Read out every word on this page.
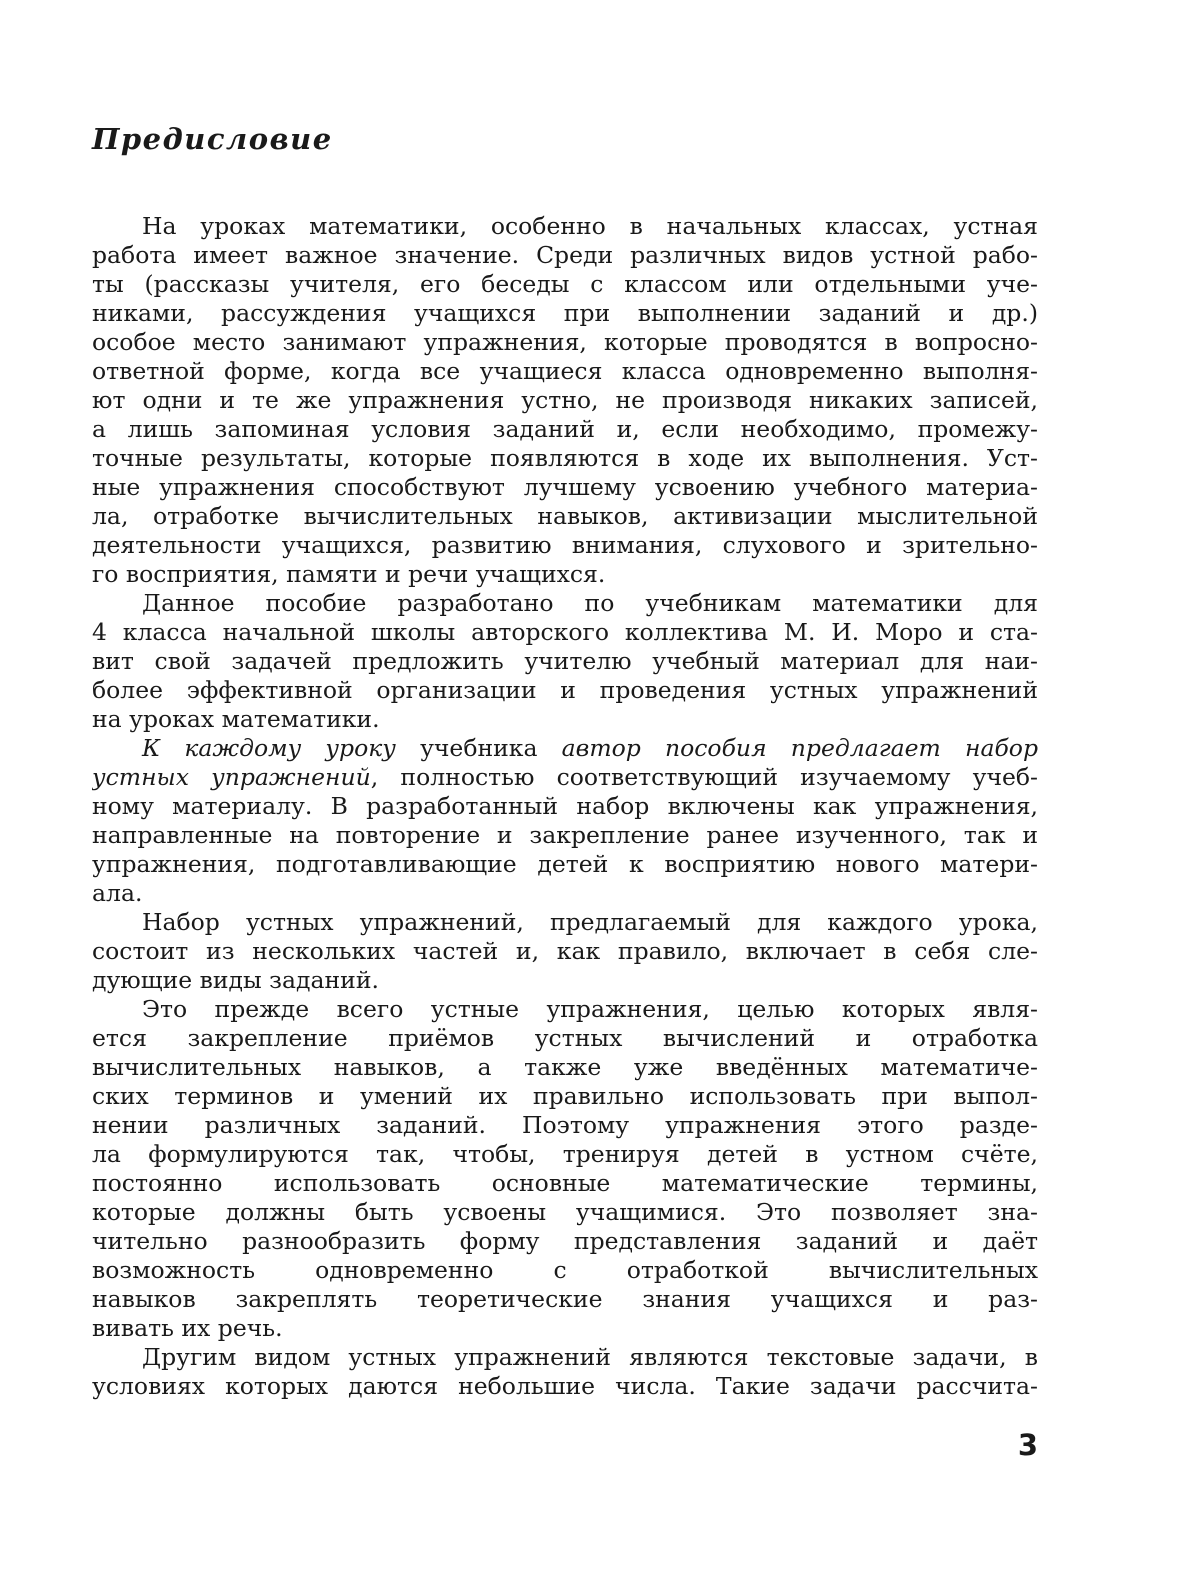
Предисловие
На уроках математики, особенно в начальных классах, устная
работа имеет важное значение. Среди различных видов устной рабо-
ты (рассказы учителя, его беседы с классом или отдельными уче-
никами, рассуждения учащихся при выполнении заданий и др.)
особое место занимают упражнения, которые проводятся в вопросно-
ответной форме, когда все учащиеся класса одновременно выполня-
ют одни и те же упражнения устно, не производя никаких записей,
а лишь запоминая условия заданий и, если необходимо, промежу-
точные результаты, которые появляются в ходе их выполнения. Уст-
ные упражнения способствуют лучшему усвоению учебного материа-
ла, отработке вычислительных навыков, активизации мыслительной
деятельности учащихся, развитию внимания, слухового и зрительно-
го восприятия, памяти и речи учащихся.
Данное пособие разработано по учебникам математики для
4 класса начальной школы авторского коллектива М. И. Моро и ста-
вит свой задачей предложить учителю учебный материал для наи-
более эффективной организации и проведения устных упражнений
на уроках математики.
К каждому уроку учебника автор пособия предлагает набор
устных упражнений, полностью соответствующий изучаемому учеб-
ному материалу. В разработанный набор включены как упражнения,
направленные на повторение и закрепление ранее изученного, так и
упражнения, подготавливающие детей к восприятию нового матери-
ала.
Набор устных упражнений, предлагаемый для каждого урока,
состоит из нескольких частей и, как правило, включает в себя сле-
дующие виды заданий.
Это прежде всего устные упражнения, целью которых явля-
ется закрепление приёмов устных вычислений и отработка
вычислительных навыков, а также уже введённых математиче-
ских терминов и умений их правильно использовать при выпол-
нении различных заданий. Поэтому упражнения этого разде-
ла формулируются так, чтобы, тренируя детей в устном счёте,
постоянно использовать основные математические термины,
которые должны быть усвоены учащимися. Это позволяет зна-
чительно разнообразить форму представления заданий и даёт
возможность одновременно с отработкой вычислительных
навыков закреплять теоретические знания учащихся и раз-
вивать их речь.
Другим видом устных упражнений являются текстовые задачи, в
условиях которых даются небольшие числа. Такие задачи рассчита-
3
